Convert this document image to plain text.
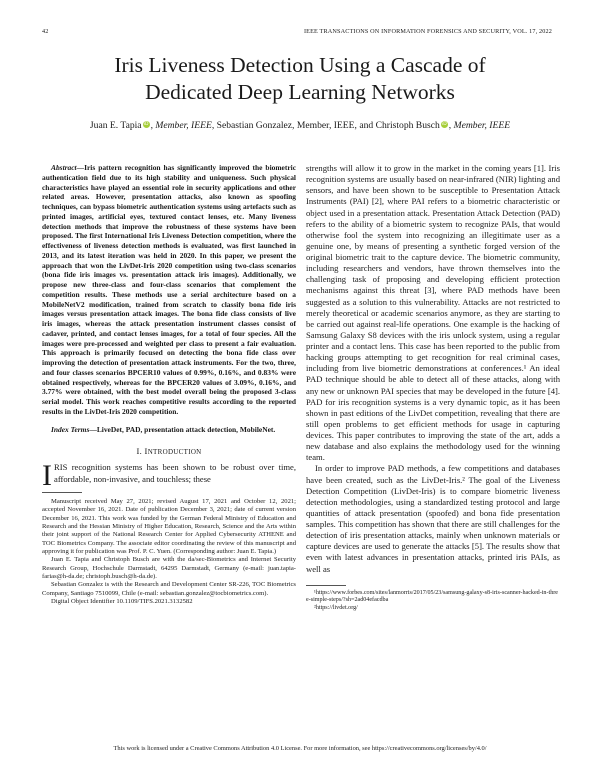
42	IEEE TRANSACTIONS ON INFORMATION FORENSICS AND SECURITY, VOL. 17, 2022
Iris Liveness Detection Using a Cascade of
Dedicated Deep Learning Networks
Juan E. Tapia iD , Member, IEEE, Sebastian Gonzalez, Member, IEEE, and Christoph Busch iD , Member, IEEE

Abstract—Iris pattern recognition has significantly improved the biometric authentication field due to its high stability and uniqueness. Such physical characteristics have played an essential role in security applications and other related areas. However, presentation attacks, also known as spoofing techniques, can bypass biometric authentication systems using artefacts such as printed images, artificial eyes, textured contact lenses, etc. Many liveness detection methods that improve the robustness of these systems have been proposed. The first International Iris Liveness Detection competition, where the effectiveness of liveness detection methods is evaluated, was first launched in 2013, and its latest iteration was held in 2020. In this paper, we present the approach that won the LivDet-Iris 2020 competition using two-class scenarios (bona fide iris images vs. presentation attack iris images). Additionally, we propose new three-class and four-class scenarios that complement the competition results. These methods use a serial architecture based on a MobileNetV2 modification, trained from scratch to classify bona fide iris images versus presentation attack images. The bona fide class consists of live iris images, whereas the attack presentation instrument classes consist of cadaver, printed, and contact lenses images, for a total of four species. All the images were pre-processed and weighted per class to present a fair evaluation. This approach is primarily focused on detecting the bona fide class over improving the detection of presentation attack instruments. For the two, three, and four classes scenarios BPCER10 values of 0.99%, 0.16%, and 0.83% were obtained respectively, whereas for the BPCER20 values of 3.09%, 0.16%, and 3.77% were obtained, with the best model overall being the proposed 3-class serial model. This work reaches competitive results according to the reported results in the LivDet-Iris 2020 competition.

Index Terms—LiveDet, PAD, presentation attack detection, MobileNet.

I. INTRODUCTION

IRIS recognition systems has been shown to be robust over time, affordable, non-invasive, and touchless; these

Manuscript received May 27, 2021; revised August 17, 2021 and October 12, 2021; accepted November 16, 2021. Date of publication December 3, 2021; date of current version December 16, 2021. This work was funded by the German Federal Ministry of Education and Research and the Hessian Ministry of Higher Education, Research, Science and the Arts within their joint support of the National Research Center for Applied Cybersecurity ATHENE and TOC Biometrics Company. The associate editor coordinating the review of this manuscript and approving it for publication was Prof. P. C. Yuen. (Corresponding author: Juan E. Tapia.)

Juan E. Tapia and Christoph Busch are with the da/sec-Biometrics and Internet Security Research Group, Hochschule Darmstadt, 64295 Darmstadt, Germany (e-mail: juan.tapia-farias@h-da.de; christoph.busch@h-da.de).

Sebastian Gonzalez is with the Research and Development Center SR-226, TOC Biometrics Company, Santiago 7510099, Chile (e-mail: sebastian.gonzalez@tocbiometrics.com).

Digital Object Identifier 10.1109/TIFS.2021.3132582

strengths will allow it to grow in the market in the coming years [1]. Iris recognition systems are usually based on near-infrared (NIR) lighting and sensors, and have been shown to be susceptible to Presentation Attack Instruments (PAI) [2], where PAI refers to a biometric characteristic or object used in a presentation attack. Presentation Attack Detection (PAD) refers to the ability of a biometric system to recognize PAIs, that would otherwise fool the system into recognizing an illegitimate user as a genuine one, by means of presenting a synthetic forged version of the original biometric trait to the capture device. The biometric community, including researchers and vendors, have thrown themselves into the challenging task of proposing and developing efficient protection mechanisms against this threat [3], where PAD methods have been suggested as a solution to this vulnerability. Attacks are not restricted to merely theoretical or academic scenarios anymore, as they are starting to be carried out against real-life operations. One example is the hacking of Samsung Galaxy S8 devices with the iris unlock system, using a regular printer and a contact lens. This case has been reported to the public from hacking groups attempting to get recognition for real criminal cases, including from live biometric demonstrations at conferences.¹ An ideal PAD technique should be able to detect all of these attacks, along with any new or unknown PAI species that may be developed in the future [4]. PAD for iris recognition systems is a very dynamic topic, as it has been shown in past editions of the LivDet competition, revealing that there are still open problems to get efficient methods for usage in capturing devices. This paper contributes to improving the state of the art, adds a new database and also explains the methodology used for the winning team.

In order to improve PAD methods, a few competitions and databases have been created, such as the LivDet-Iris.² The goal of the Liveness Detection Competition (LivDet-Iris) is to compare biometric liveness detection methodologies, using a standardized testing protocol and large quantities of attack presentation (spoofed) and bona fide presentation samples. This competition has shown that there are still challenges for the detection of iris presentation attacks, mainly when unknown materials or capture devices are used to generate the attacks [5]. The results show that even with latest advances in presentation attacks, printed iris PAIs, as well as

¹https://www.forbes.com/sites/lanmorris/2017/05/23/samsung-galaxy-s8-iris-scanner-hacked-in-three-simple-steps/?sh=2ad04efacdba

²https://livdet.org/

This work is licensed under a Creative Commons Attribution 4.0 License. For more information, see https://creativecommons.org/licenses/by/4.0/
